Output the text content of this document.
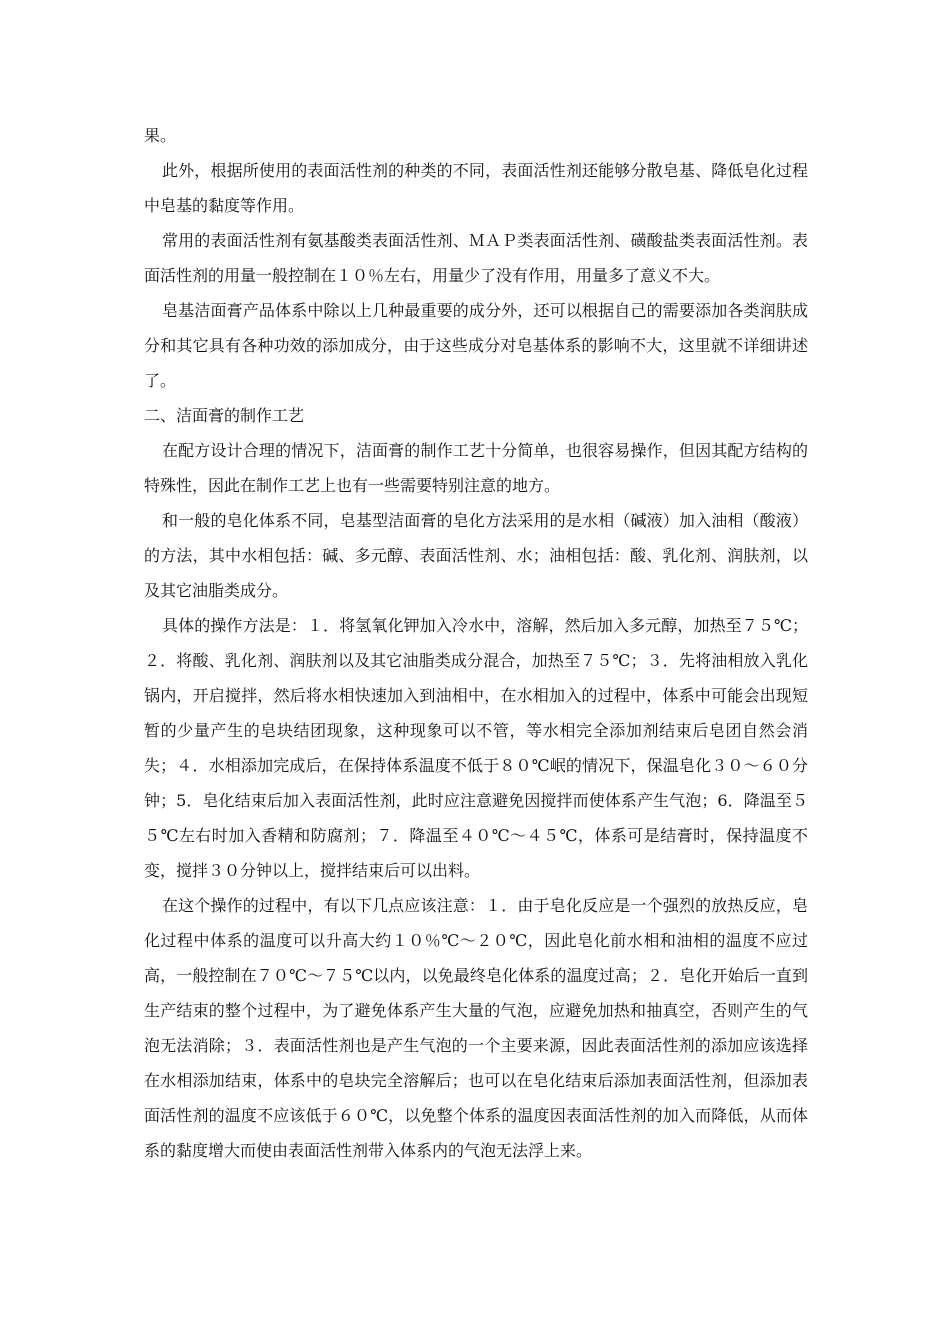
果。

此外，根据所使用的表面活性剂的种类的不同，表面活性剂还能够分散皂基、降低皂化过程中皂基的黏度等作用。

常用的表面活性剂有氨基酸类表面活性剂、ＭＡＰ类表面活性剂、磺酸盐类表面活性剂。表面活性剂的用量一般控制在１０％左右，用量少了没有作用，用量多了意义不大。

皂基洁面膏产品体系中除以上几种最重要的成分外，还可以根据自己的需要添加各类润肤成分和其它具有各种功效的添加成分，由于这些成分对皂基体系的影响不大，这里就不详细讲述了。

二、洁面膏的制作工艺

在配方设计合理的情况下，洁面膏的制作工艺十分简单，也很容易操作，但因其配方结构的特殊性，因此在制作工艺上也有一些需要特别注意的地方。

和一般的皂化体系不同，皂基型洁面膏的皂化方法采用的是水相（碱液）加入油相（酸液）的方法，其中水相包括：碱、多元醇、表面活性剂、水；油相包括：酸、乳化剂、润肤剂，以及其它油脂类成分。

具体的操作方法是：１．将氢氧化钾加入冷水中，溶解，然后加入多元醇，加热至７５℃；２．将酸、乳化剂、润肤剂以及其它油脂类成分混合，加热至７５℃；３．先将油相放入乳化锅内，开启搅拌，然后将水相快速加入到油相中，在水相加入的过程中，体系中可能会出现短暂的少量产生的皂块结团现象，这种现象可以不管，等水相完全添加剂结束后皂团自然会消失；４．水相添加完成后，在保持体系温度不低于８０℃岷的情况下，保温皂化３０～６０分钟；5．皂化结束后加入表面活性剂，此时应注意避免因搅拌而使体系产生气泡；6．降温至５５℃左右时加入香精和防腐剂；７．降温至４０℃～４５℃，体系可是结膏时，保持温度不变，搅拌３０分钟以上，搅拌结束后可以出料。

在这个操作的过程中，有以下几点应该注意：１．由于皂化反应是一个强烈的放热反应，皂化过程中体系的温度可以升高大约１０％℃～２０℃，因此皂化前水相和油相的温度不应过高，一般控制在７０℃～７５℃以内，以免最终皂化体系的温度过高；２．皂化开始后一直到生产结束的整个过程中，为了避免体系产生大量的气泡，应避免加热和抽真空，否则产生的气泡无法消除；３．表面活性剂也是产生气泡的一个主要来源，因此表面活性剂的添加应该选择在水相添加结束，体系中的皂块完全溶解后；也可以在皂化结束后添加表面活性剂，但添加表面活性剂的温度不应该低于６０℃，以免整个体系的温度因表面活性剂的加入而降低，从而体系的黏度增大而使由表面活性剂带入体系内的气泡无法浮上来。
